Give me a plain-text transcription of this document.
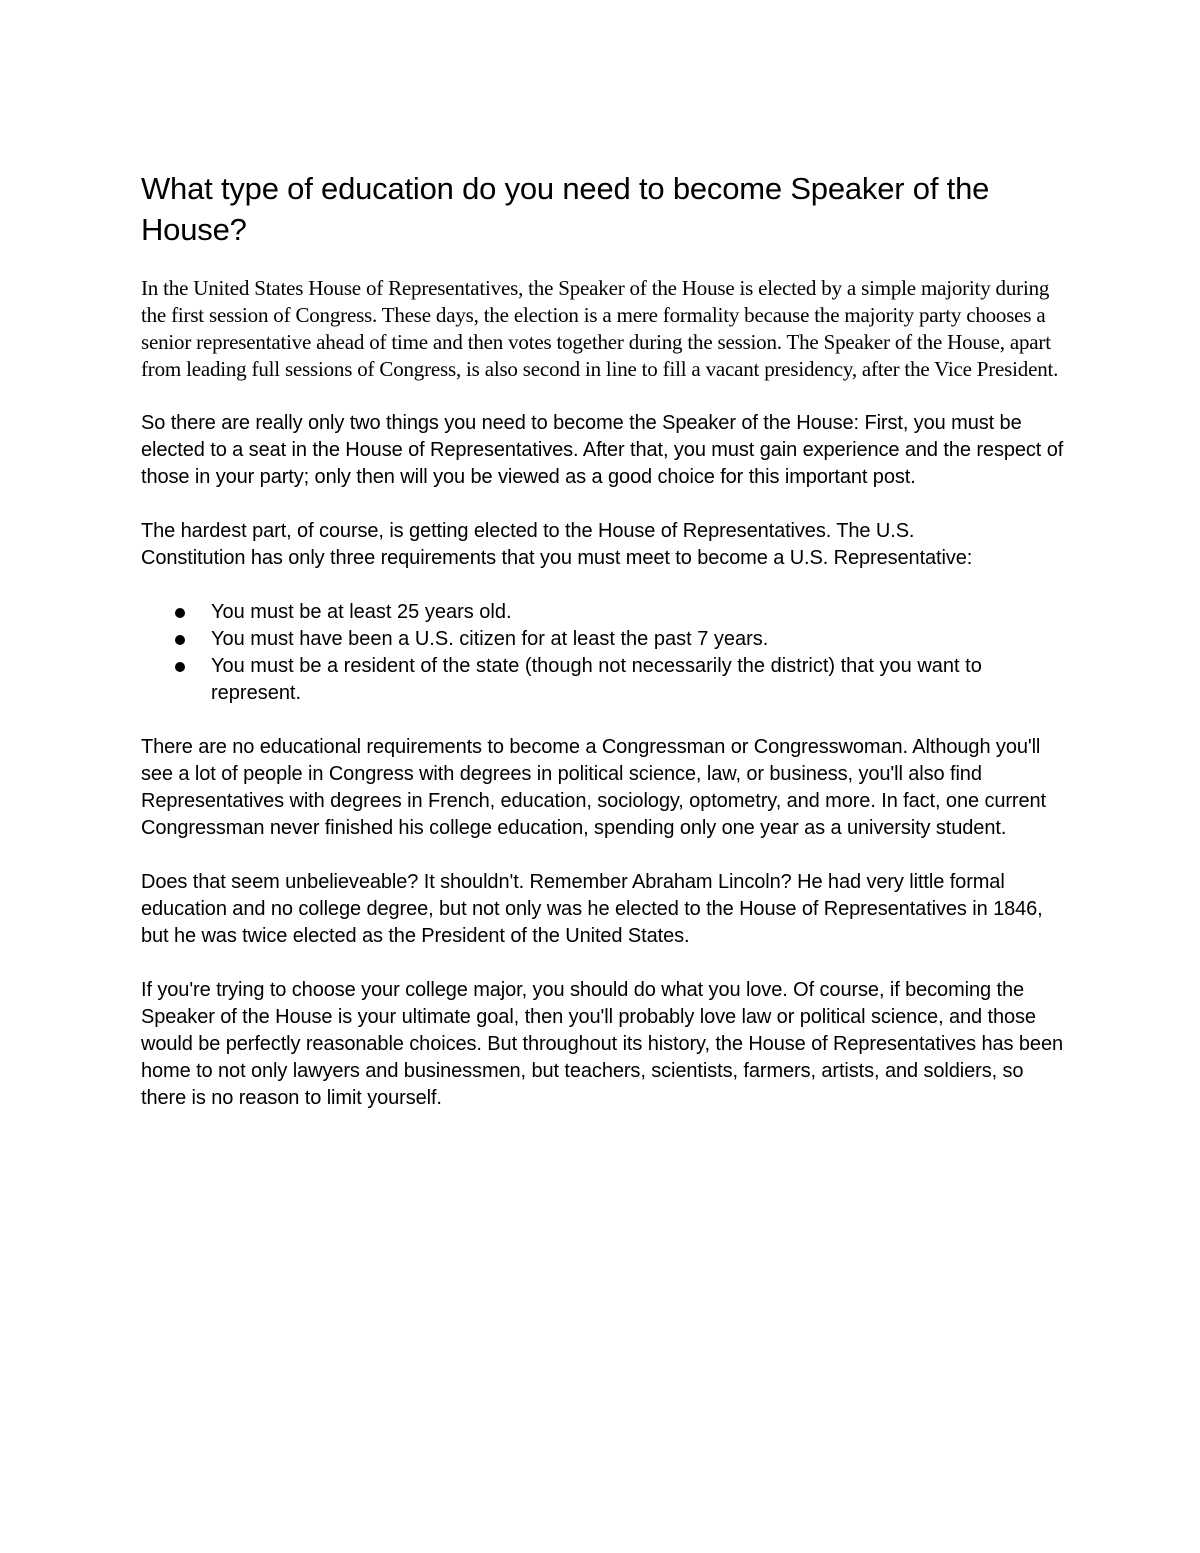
What type of education do you need to become Speaker of the House?

In the United States House of Representatives, the Speaker of the House is elected by a simple majority during the first session of Congress. These days, the election is a mere formality because the majority party chooses a senior representative ahead of time and then votes together during the session. The Speaker of the House, apart from leading full sessions of Congress, is also second in line to fill a vacant presidency, after the Vice President.

So there are really only two things you need to become the Speaker of the House: First, you must be elected to a seat in the House of Representatives. After that, you must gain experience and the respect of those in your party; only then will you be viewed as a good choice for this important post.

The hardest part, of course, is getting elected to the House of Representatives. The U.S. Constitution has only three requirements that you must meet to become a U.S. Representative:

You must be at least 25 years old.
You must have been a U.S. citizen for at least the past 7 years.
You must be a resident of the state (though not necessarily the district) that you want to represent.

There are no educational requirements to become a Congressman or Congresswoman. Although you'll see a lot of people in Congress with degrees in political science, law, or business, you'll also find Representatives with degrees in French, education, sociology, optometry, and more. In fact, one current Congressman never finished his college education, spending only one year as a university student.

Does that seem unbelieveable? It shouldn't. Remember Abraham Lincoln? He had very little formal education and no college degree, but not only was he elected to the House of Representatives in 1846, but he was twice elected as the President of the United States.

If you're trying to choose your college major, you should do what you love. Of course, if becoming the Speaker of the House is your ultimate goal, then you'll probably love law or political science, and those would be perfectly reasonable choices. But throughout its history, the House of Representatives has been home to not only lawyers and businessmen, but teachers, scientists, farmers, artists, and soldiers, so there is no reason to limit yourself.
